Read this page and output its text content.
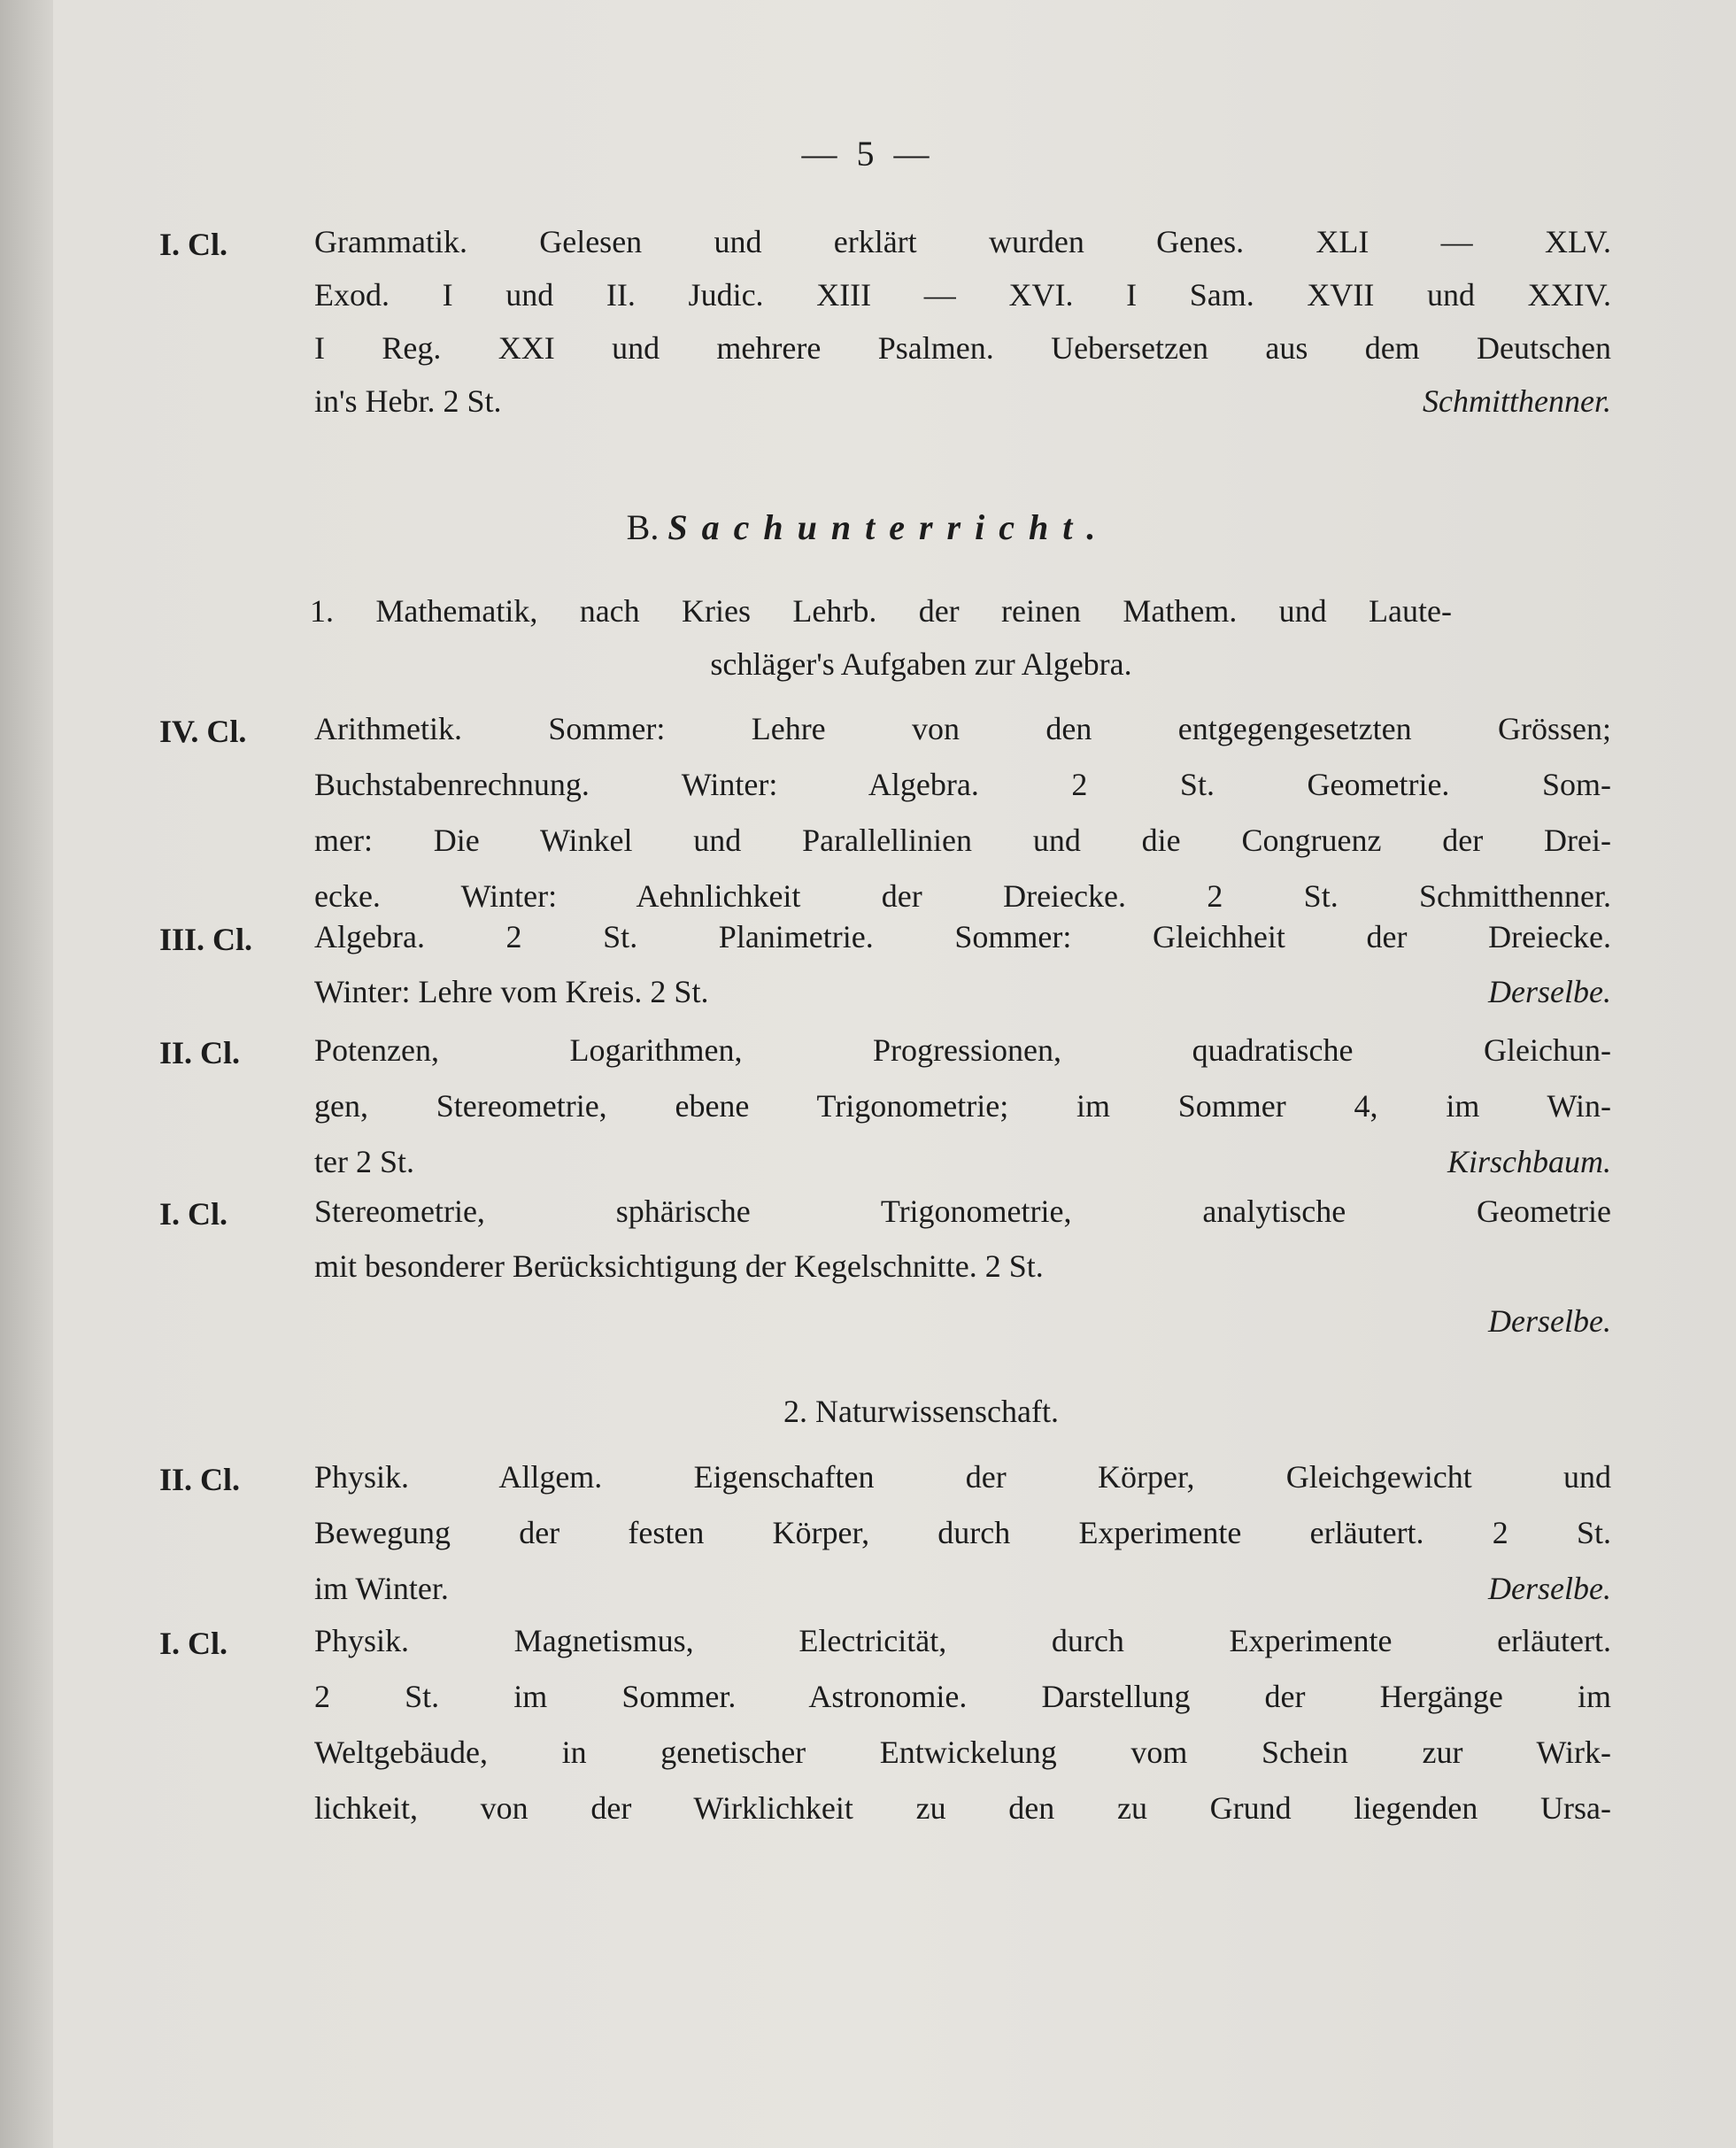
— 5 —
I. Cl.	Grammatik. Gelesen und erklärt wurden Genes. XLI — XLV.
Exod. I und II. Judic. XIII — XVI. I Sam. XVII und XXIV.
I Reg. XXI und mehrere Psalmen. Uebersetzen aus dem Deutschen
in's Hebr. 2 St.	Schmitthenner.
B. Sachunterricht.
1. Mathematik, nach Kries Lehrb. der reinen Mathem. und Laute-
schläger's Aufgaben zur Algebra.
IV. Cl.	Arithmetik. Sommer: Lehre von den entgegengesetzten Grössen;
Buchstabenrechnung. Winter: Algebra. 2 St. Geometrie. Som-
mer: Die Winkel und Parallellinien und die Congruenz der Drei-
ecke. Winter: Aehnlichkeit der Dreiecke. 2 St. Schmitthenner.
III. Cl.	Algebra. 2 St. Planimetrie. Sommer: Gleichheit der Dreiecke.
Winter: Lehre vom Kreis. 2 St.	Derselbe.
II. Cl.	Potenzen, Logarithmen, Progressionen, quadratische Gleichun-
gen, Stereometrie, ebene Trigonometrie; im Sommer 4, im Win-
ter 2 St.	Kirschbaum.
I. Cl.	Stereometrie, sphärische Trigonometrie, analytische Geometrie
mit besonderer Berücksichtigung der Kegelschnitte. 2 St.
Derselbe.
2. Naturwissenschaft.
II. Cl.	Physik. Allgem. Eigenschaften der Körper, Gleichgewicht und
Bewegung der festen Körper, durch Experimente erläutert. 2 St.
im Winter.	Derselbe.
I. Cl.	Physik. Magnetismus, Electricität, durch Experimente erläutert.
2 St. im Sommer. Astronomie. Darstellung der Hergänge im
Weltgebäude, in genetischer Entwickelung vom Schein zur Wirk-
lichkeit, von der Wirklichkeit zu den zu Grund liegenden Ursa-
